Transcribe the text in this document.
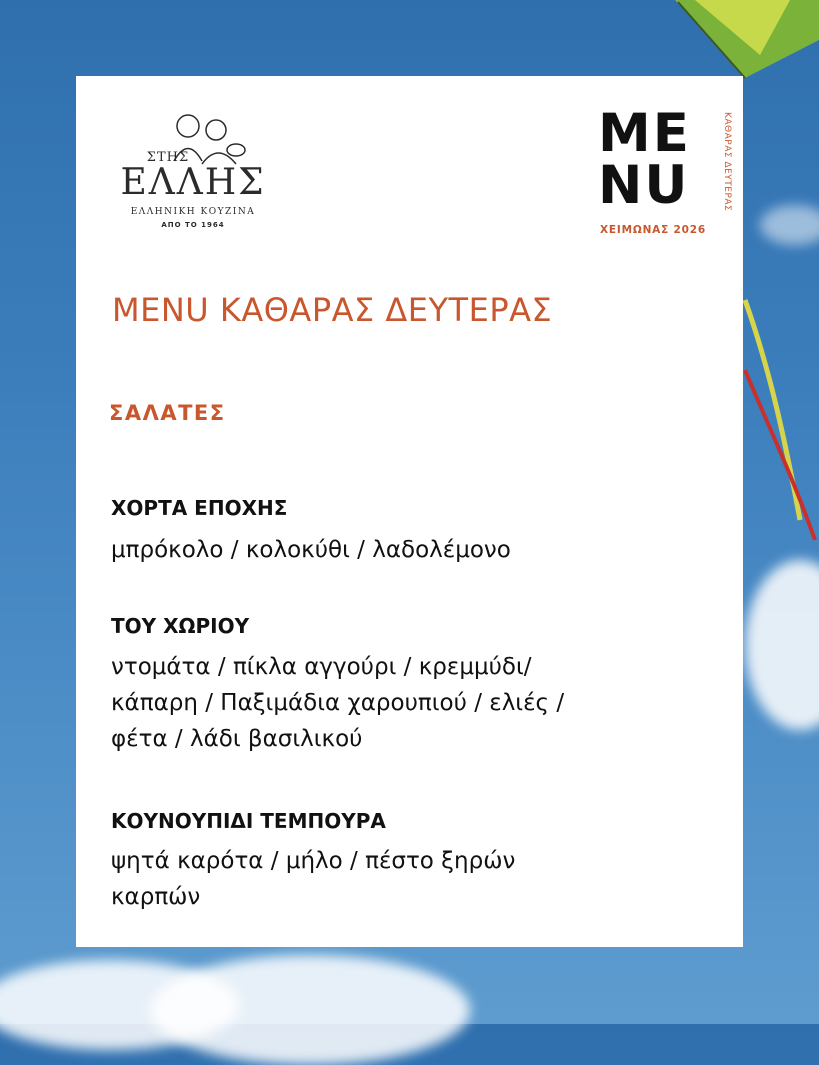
ΣΤΗΣ
ΕΛΛΗΣ
ΕΛΛΗΝΙΚΗ ΚΟΥΖΙΝΑ
ΑΠΟ ΤΟ 1964
ME
NU	ΚΑΘΑΡΑΣ ΔΕΥΤΕΡΑΣ
ΧΕΙΜΩΝΑΣ 2026
MENU ΚΑΘΑΡΑΣ ΔΕΥΤΕΡΑΣ
ΣΑΛΑΤΕΣ
ΧΟΡΤΑ ΕΠΟΧΗΣ
μπρόκολο / κολοκύθι / λαδολέμονο
ΤΟΥ ΧΩΡΙΟΥ
ντομάτα / πίκλα αγγούρι / κρεμμύδι/
κάπαρη / Παξιμάδια χαρουπιού / ελιές /
φέτα / λάδι βασιλικού
ΚΟΥΝΟΥΠΙΔΙ ΤΕΜΠΟΥΡΑ
ψητά καρότα / μήλο / πέστο ξηρών
καρπών
